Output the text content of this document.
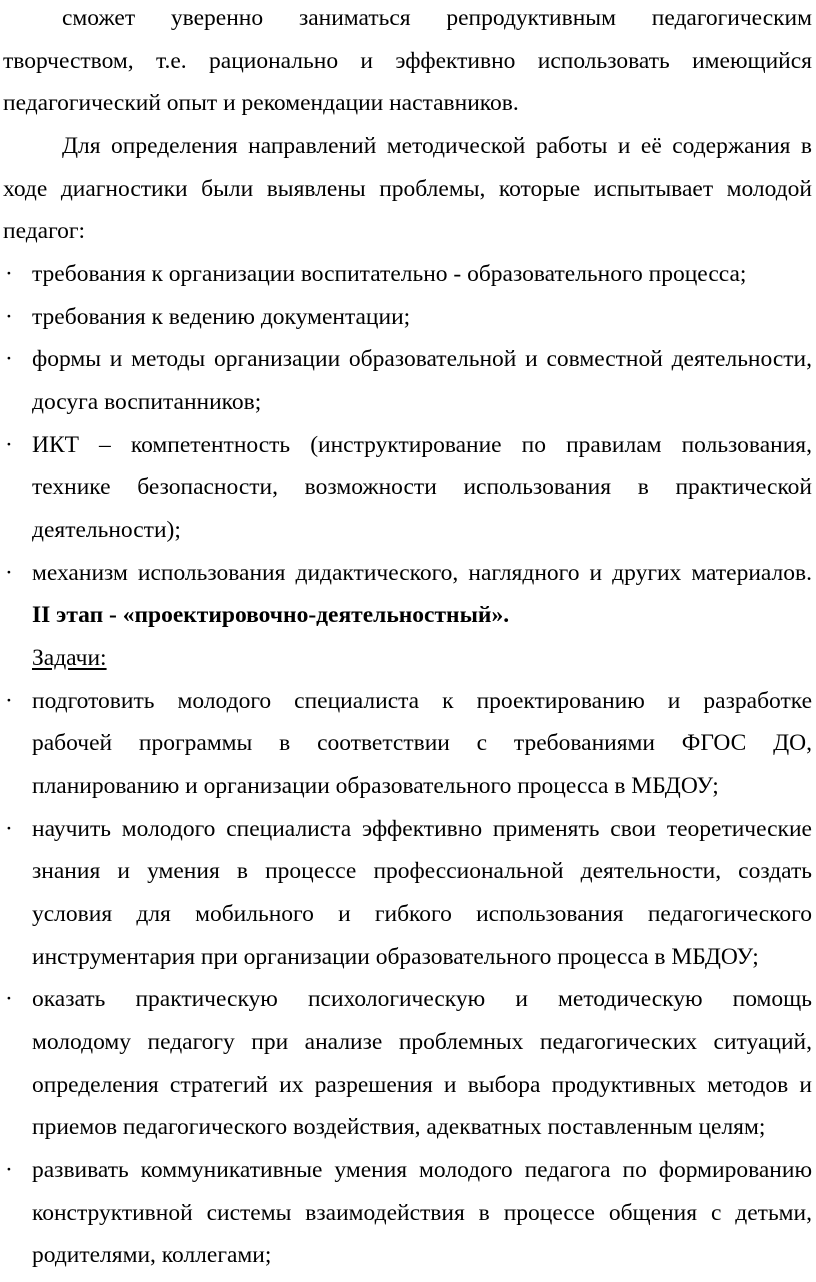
сможет уверенно заниматься репродуктивным педагогическим
творчеством, т.е. рационально и эффективно использовать имеющийся
педагогический опыт и рекомендации наставников.
Для определения направлений методической работы и её содержания в
ходе диагностики были выявлены проблемы, которые испытывает молодой
педагог:
· требования к организации воспитательно - образовательного процесса;
· требования к ведению документации;
· формы и методы организации образовательной и совместной деятельности,
досуга воспитанников;
· ИКТ – компетентность (инструктирование по правилам пользования,
технике безопасности, возможности использования в практической
деятельности);
· механизм использования дидактического, наглядного и других материалов.
II этап - «проектировочно-деятельностный».
Задачи:
· подготовить молодого специалиста к проектированию и разработке
рабочей программы в соответствии с требованиями ФГОС ДО,
планированию и организации образовательного процесса в МБДОУ;
· научить молодого специалиста эффективно применять свои теоретические
знания и умения в процессе профессиональной деятельности, создать
условия для мобильного и гибкого использования педагогического
инструментария при организации образовательного процесса в МБДОУ;
· оказать практическую психологическую и методическую помощь
молодому педагогу при анализе проблемных педагогических ситуаций,
определения стратегий их разрешения и выбора продуктивных методов и
приемов педагогического воздействия, адекватных поставленным целям;
· развивать коммуникативные умения молодого педагога по формированию
конструктивной системы взаимодействия в процессе общения с детьми,
родителями, коллегами;
